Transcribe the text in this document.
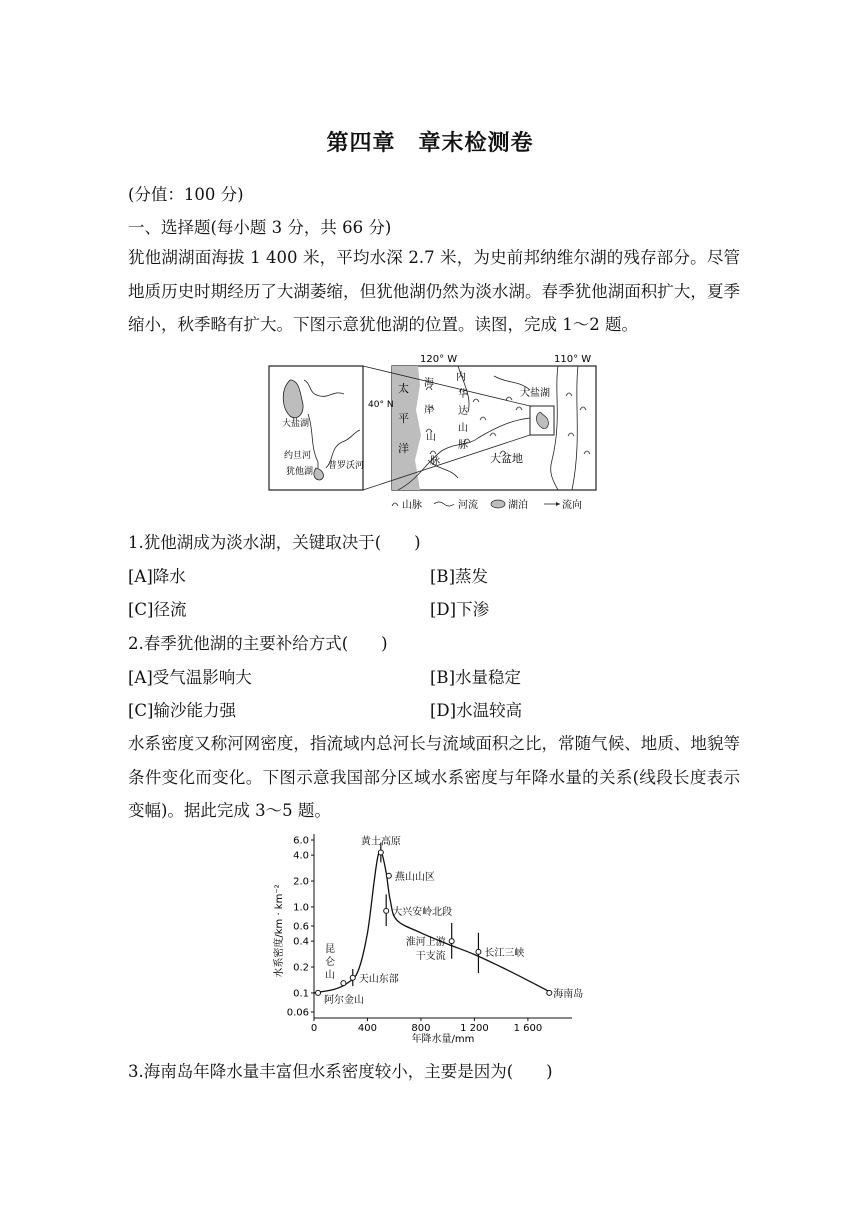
第四章　章末检测卷
(分值：100 分)
一、选择题(每小题 3 分，共 66 分)
犹他湖湖面海拔 1 400 米，平均水深 2.7 米，为史前邦纳维尔湖的残存部分。尽管地质历史时期经历了大湖萎缩，但犹他湖仍然为淡水湖。春季犹他湖面积扩大，夏季缩小，秋季略有扩大。下图示意犹他湖的位置。读图，完成 1～2 题。
120° W	110° W
40° N
太
平
洋
海
岸
山
脉
内
华
达
山
脉
大盐湖
大盆地
大盐湖
约旦河
犹他湖
普罗沃河
山脉	河流	湖泊	流向
1.犹他湖成为淡水湖，关键取决于(　　)
[A]降水	[B]蒸发
[C]径流	[D]下渗
2.春季犹他湖的主要补给方式(　　)
[A]受气温影响大	[B]水量稳定
[C]输沙能力强	[D]水温较高
水系密度又称河网密度，指流域内总河长与流域面积之比，常随气候、地质、地貌等条件变化而变化。下图示意我国部分区域水系密度与年降水量的关系(线段长度表示变幅)。据此完成 3～5 题。
水系密度/km · km⁻²
年降水量/mm
0.06
0.1
0.2
0.4
0.6
1.0
2.0
4.0
6.0
0	400	800	1 200 1 600
黄土高原
燕山山区
大兴安岭北段
长江三峡
天山东部
阿尔金山
海南岛
昆
仑
山
淮河上游
干支流
3.海南岛年降水量丰富但水系密度较小，主要是因为(　　)
